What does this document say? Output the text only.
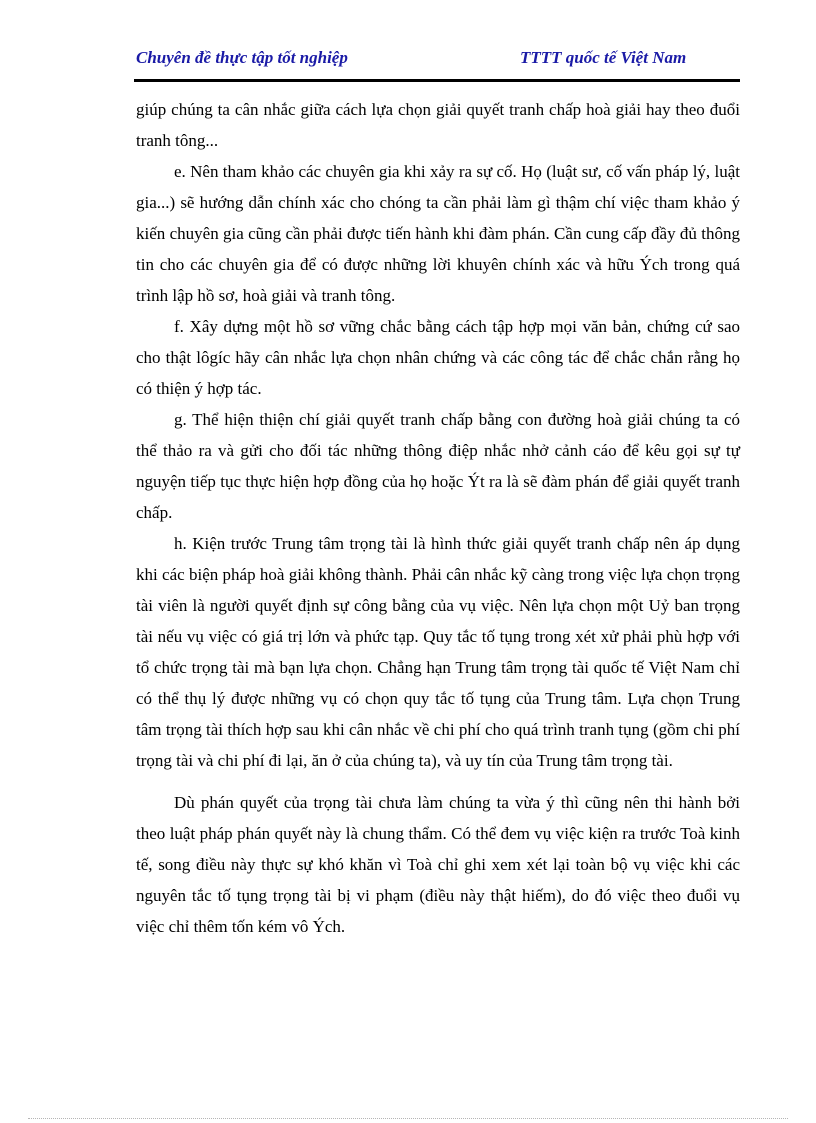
Chuyên đề thực tập tốt nghiệp	TTTT quốc tế Việt Nam

giúp chúng ta cân nhắc giữa cách lựa chọn giải quyết tranh chấp hoà giải hay theo đuổi tranh tông...

e. Nên tham khảo các chuyên gia khi xảy ra sự cố. Họ (luật sư, cố vấn pháp lý, luật gia...) sẽ hướng dẫn chính xác cho chóng ta cần phải làm gì thậm chí việc tham khảo ý kiến chuyên gia cũng cần phải được tiến hành khi đàm phán. Cần cung cấp đầy đủ thông tin cho các chuyên gia để có được những lời khuyên chính xác và hữu Ých trong quá trình lập hồ sơ, hoà giải và tranh tông.

f. Xây dựng một hồ sơ vững chắc bằng cách tập hợp mọi văn bản, chứng cứ sao cho thật lôgíc hãy cân nhắc lựa chọn nhân chứng và các công tác để chắc chắn rằng họ có thiện ý hợp tác.

g. Thể hiện thiện chí giải quyết tranh chấp bằng con đường hoà giải chúng ta có thể thảo ra và gửi cho đối tác những thông điệp nhắc nhở cảnh cáo để kêu gọi sự tự nguyện tiếp tục thực hiện hợp đồng của họ hoặc Ýt ra là sẽ đàm phán để giải quyết tranh chấp.

h. Kiện trước Trung tâm trọng tài là hình thức giải quyết tranh chấp nên áp dụng khi các biện pháp hoà giải không thành. Phải cân nhắc kỹ càng trong việc lựa chọn trọng tài viên là người quyết định sự công bằng của vụ việc. Nên lựa chọn một Uỷ ban trọng tài nếu vụ việc có giá trị lớn và phức tạp. Quy tắc tố tụng trong xét xử phải phù hợp với tổ chức trọng tài mà bạn lựa chọn. Chẳng hạn Trung tâm trọng tài quốc tế Việt Nam chỉ có thể thụ lý được những vụ có chọn quy tắc tố tụng của Trung tâm. Lựa chọn Trung tâm trọng tài thích hợp sau khi cân nhắc về chi phí cho quá trình tranh tụng (gồm chi phí trọng tài và chi phí đi lại, ăn ở của chúng ta), và uy tín của Trung tâm trọng tài.

Dù phán quyết của trọng tài chưa làm chúng ta vừa ý thì cũng nên thi hành bởi theo luật pháp phán quyết này là chung thẩm. Có thể đem vụ việc kiện ra trước Toà kinh tế, song điều này thực sự khó khăn vì Toà chỉ ghi xem xét lại toàn bộ vụ việc khi các nguyên tắc tố tụng trọng tài bị vi phạm (điều này thật hiếm), do đó việc theo đuổi vụ việc chỉ thêm tốn kém vô Ých.
